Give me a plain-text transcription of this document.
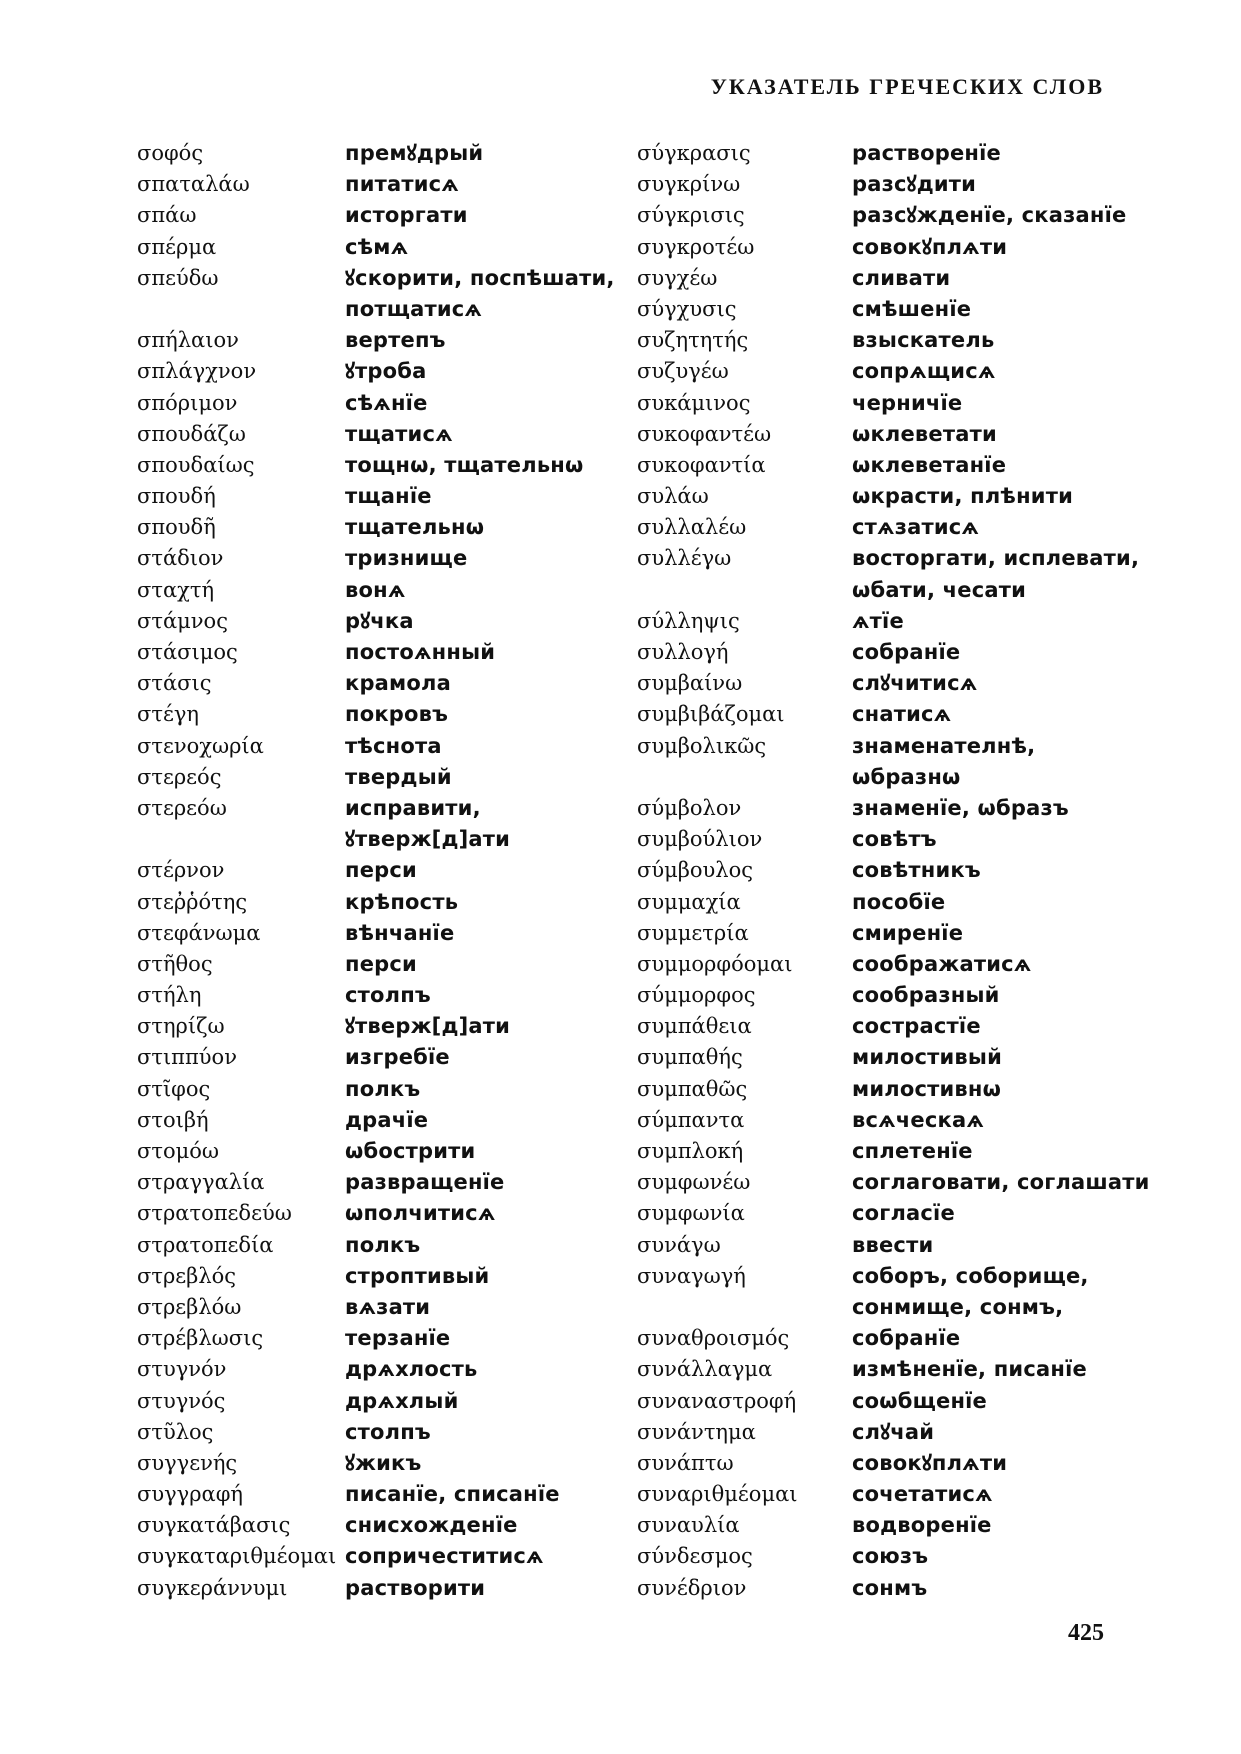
УКАЗАТЕЛЬ ГРЕЧЕСКИХ СЛОВ
σοφός
σπαταλάω
σπάω
σπέρμα
σπεύδω
σπήλαιον
σπλάγχνον
σπόριμον
σπουδάζω
σπουδαίως
σπουδή
σπουδῆ
στάδιον
σταχτή
στάμνος
στάσιμος
στάσις
στέγη
στενοχωρία
στερεός
στερεόω
στέρνον
στεῤῥότης
στεφάνωμα
στῆθος
στήλη
στηρίζω
στιππύον
στῖφος
στοιβή
στομόω
στραγγαλία
στρατοπεδεύω
στρατοπεδία
στρεβλός
στρεβλόω
στρέβλωσις
στυγνόν
στυγνός
στῦλος
συγγενής
συγγραφή
συγκατάβασις
συγκαταριθμέομαι
συγκεράννυμι
премꙋдрый
питатисѧ
исторгати
сѣмѧ
ꙋскорити, поспѣшати,
потщатисѧ
вертепъ
ꙋтроба
сѣѧнїе
тщатисѧ
тощнѡ, тщательнѡ
тщанїе
тщательнѡ
тризнище
вонѧ
рꙋчка
постоѧнный
крамола
покровъ
тѣснота
твердый
исправити,
ꙋтверж[д]ати
перси
крѣпость
вѣнчанїе
перси
столпъ
ꙋтверж[д]ати
изгребїе
полкъ
драчїе
ѡбострити
развращенїе
ѡполчитисѧ
полкъ
строптивый
вѧзати
терзанїе
дрѧхлость
дрѧхлый
столпъ
ꙋжикъ
писанїе, списанїе
снисхожденїе
сопричеститисѧ
растворити
σύγκρασις
συγκρίνω
σύγκρισις
συγκροτέω
συγχέω
σύγχυσις
συζητητής
συζυγέω
συκάμινος
συκοφαντέω
συκοφαντία
συλάω
συλλαλέω
συλλέγω
σύλληψις
συλλογή
συμβαίνω
συμβιβάζομαι
συμβολικῶς
σύμβολον
συμβούλιον
σύμβουλος
συμμαχία
συμμετρία
συμμορφόομαι
σύμμορφος
συμπάθεια
συμπαθής
συμπαθῶς
σύμπαντα
συμπλοκή
συμφωνέω
συμφωνία
συνάγω
συναγωγή
συναθροισμός
συνάλλαγμα
συναναστροφή
συνάντημα
συνάπτω
συναριθμέομαι
συναυλία
σύνδεσμος
συνέδριον
растворенїе
разсꙋдити
разсꙋжденїе, сказанїе
совокꙋплѧти
сливати
смѣшенїе
взыскатель
сопрѧщисѧ
черничїе
ѡклеветати
ѡклеветанїе
ѡкрасти, плѣнити
стѧзатисѧ
восторгати, исплевати,
ѡбати, чесати
ѧтїе
собранїе
слꙋчитисѧ
снатисѧ
знаменателнѣ,
ѡбразнѡ
знаменїе, ѡбразъ
совѣтъ
совѣтникъ
пособїе
смиренїе
соображатисѧ
сообразный
сострастїе
милостивый
милостивнѡ
всѧческаѧ
сплетенїе
соглаговати, соглашати
согласїе
ввести
соборъ, соборище,
сонмище, сонмъ,
собранїе
измѣненїе, писанїе
соѡбщенїе
слꙋчай
совокꙋплѧти
сочетатисѧ
водворенїе
союзъ
сонмъ
425
